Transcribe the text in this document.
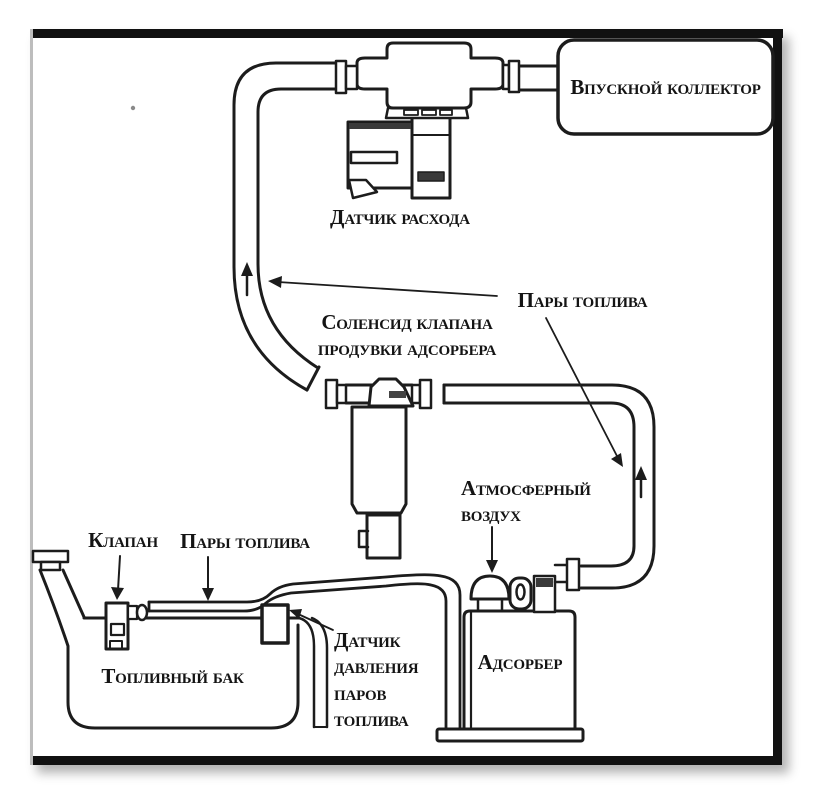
Впускной коллектор
Датчик расхода
Пары топлива
Соленсид клапана продувки адсорбера
Атмосферный воздух
Клапан	Пары топлива
Топливный бак
Датчик давления паров топлива
Адсорбер
